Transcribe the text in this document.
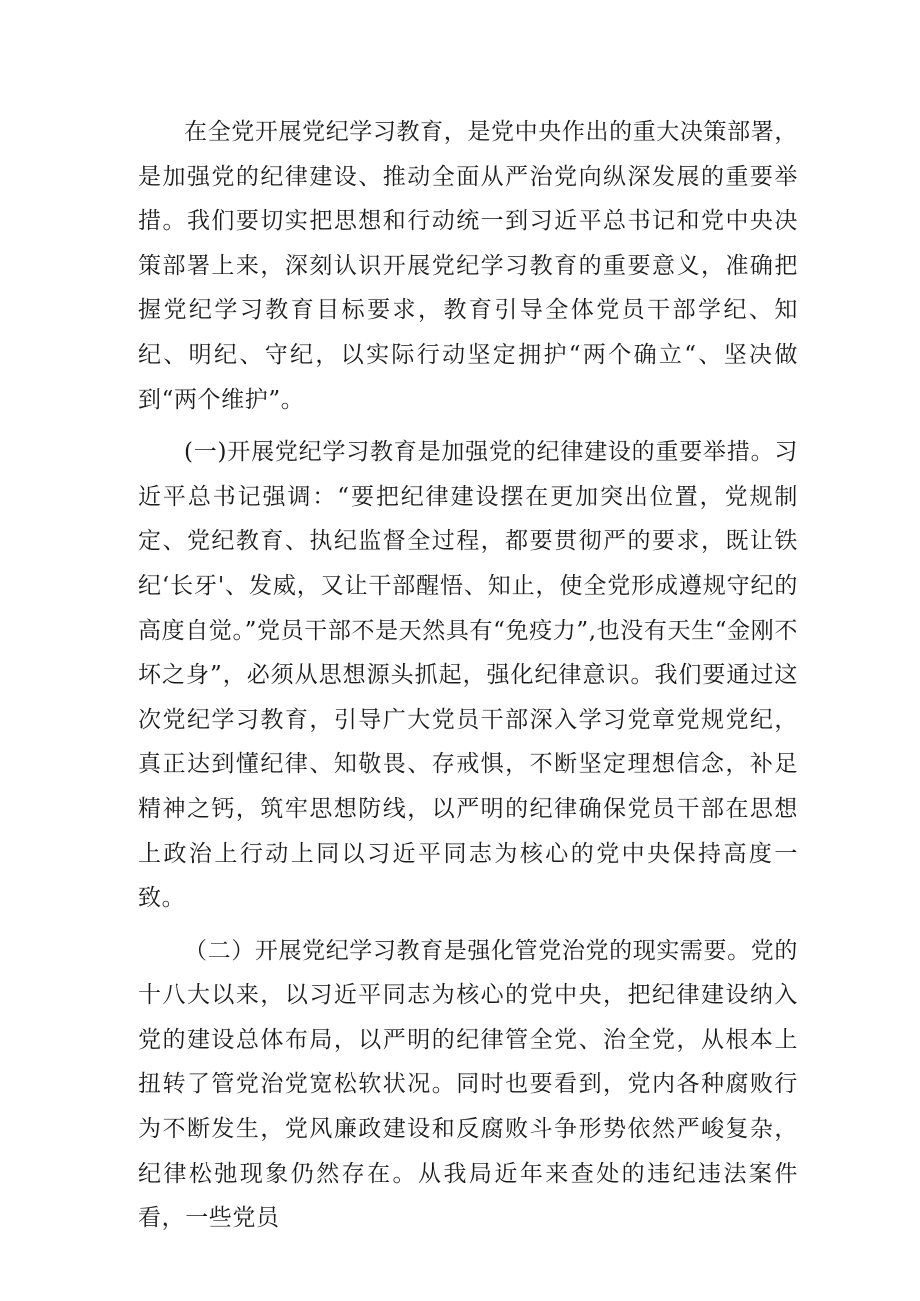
在全党开展党纪学习教育，是党中央作出的重大决策部署，是加强党的纪律建设、推动全面从严治党向纵深发展的重要举措。我们要切实把思想和行动统一到习近平总书记和党中央决策部署上来，深刻认识开展党纪学习教育的重要意义，准确把握党纪学习教育目标要求，教育引导全体党员干部学纪、知纪、明纪、守纪，以实际行动坚定拥护“两个确立“、坚决做到“两个维护”。

(一)开展党纪学习教育是加强党的纪律建设的重要举措。习近平总书记强调：“要把纪律建设摆在更加突出位置，党规制定、党纪教育、执纪监督全过程，都要贯彻严的要求，既让铁纪‘长牙'、发威，又让干部醒悟、知止，使全党形成遵规守纪的高度自觉。”党员干部不是天然具有“免疫力”,也没有天生“金刚不坏之身”，必须从思想源头抓起，强化纪律意识。我们要通过这次党纪学习教育，引导广大党员干部深入学习党章党规党纪，真正达到懂纪律、知敬畏、存戒惧，不断坚定理想信念，补足精神之钙，筑牢思想防线，以严明的纪律确保党员干部在思想上政治上行动上同以习近平同志为核心的党中央保持高度一致。

（二）开展党纪学习教育是强化管党治党的现实需要。党的十八大以来，以习近平同志为核心的党中央，把纪律建设纳入党的建设总体布局，以严明的纪律管全党、治全党，从根本上扭转了管党治党宽松软状况。同时也要看到，党内各种腐败行为不断发生，党风廉政建设和反腐败斗争形势依然严峻复杂，纪律松弛现象仍然存在。从我局近年来查处的违纪违法案件看，一些党员
